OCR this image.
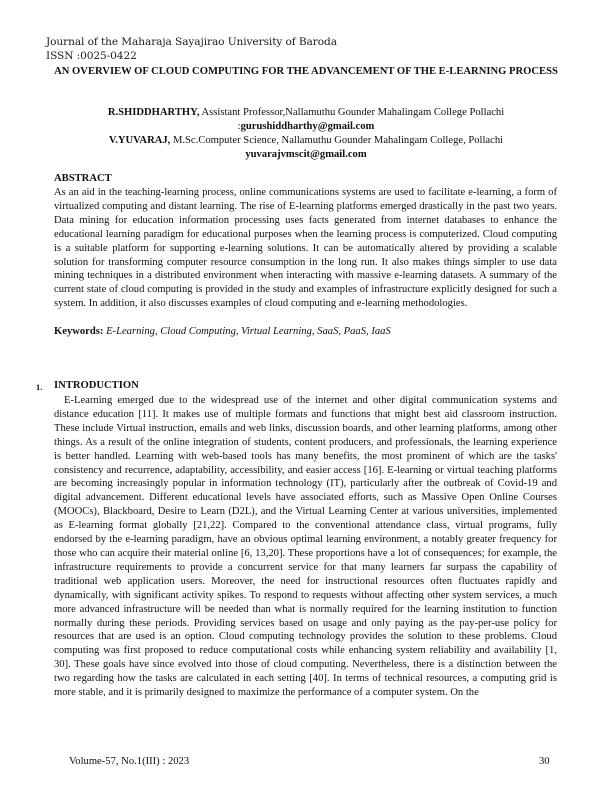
Journal of the Maharaja Sayajirao University of Baroda
ISSN :0025-0422
AN OVERVIEW OF CLOUD COMPUTING FOR THE ADVANCEMENT OF THE E-LEARNING PROCESS
R.SHIDDHARTHY, Assistant Professor,Nallamuthu Gounder Mahalingam College Pollachi
:gurushiddharthy@gmail.com
V.YUVARAJ, M.Sc.Computer Science, Nallamuthu Gounder Mahalingam College, Pollachi
yuvarajvmscit@gmail.com
ABSTRACT
As an aid in the teaching-learning process, online communications systems are used to facilitate e-learning, a form of virtualized computing and distant learning. The rise of E-learning platforms emerged drastically in the past two years. Data mining for education information processing uses facts generated from internet databases to enhance the educational learning paradigm for educational purposes when the learning process is computerized. Cloud computing is a suitable platform for supporting e-learning solutions. It can be automatically altered by providing a scalable solution for transforming computer resource consumption in the long run. It also makes things simpler to use data mining techniques in a distributed environment when interacting with massive e-learning datasets. A summary of the current state of cloud computing is provided in the study and examples of infrastructure explicitly designed for such a system. In addition, it also discusses examples of cloud computing and e-learning methodologies.
Keywords: E-Learning, Cloud Computing, Virtual Learning, SaaS, PaaS, IaaS
1. INTRODUCTION
E-Learning emerged due to the widespread use of the internet and other digital communication systems and distance education [11]. It makes use of multiple formats and functions that might best aid classroom instruction. These include Virtual instruction, emails and web links, discussion boards, and other learning platforms, among other things. As a result of the online integration of students, content producers, and professionals, the learning experience is better handled. Learning with web-based tools has many benefits, the most prominent of which are the tasks' consistency and recurrence, adaptability, accessibility, and easier access [16]. E-learning or virtual teaching platforms are becoming increasingly popular in information technology (IT), particularly after the outbreak of Covid-19 and digital advancement. Different educational levels have associated efforts, such as Massive Open Online Courses (MOOCs), Blackboard, Desire to Learn (D2L), and the Virtual Learning Center at various universities, implemented as E-learning format globally [21,22]. Compared to the conventional attendance class, virtual programs, fully endorsed by the e-learning paradigm, have an obvious optimal learning environment, a notably greater frequency for those who can acquire their material online [6, 13,20]. These proportions have a lot of consequences; for example, the infrastructure requirements to provide a concurrent service for that many learners far surpass the capability of traditional web application users. Moreover, the need for instructional resources often fluctuates rapidly and dynamically, with significant activity spikes. To respond to requests without affecting other system services, a much more advanced infrastructure will be needed than what is normally required for the learning institution to function normally during these periods. Providing services based on usage and only paying as the pay-per-use policy for resources that are used is an option. Cloud computing technology provides the solution to these problems. Cloud computing was first proposed to reduce computational costs while enhancing system reliability and availability [1, 30]. These goals have since evolved into those of cloud computing. Nevertheless, there is a distinction between the two regarding how the tasks are calculated in each setting [40]. In terms of technical resources, a computing grid is more stable, and it is primarily designed to maximize the performance of a computer system. On the
Volume-57, No.1(III) : 2023	30
